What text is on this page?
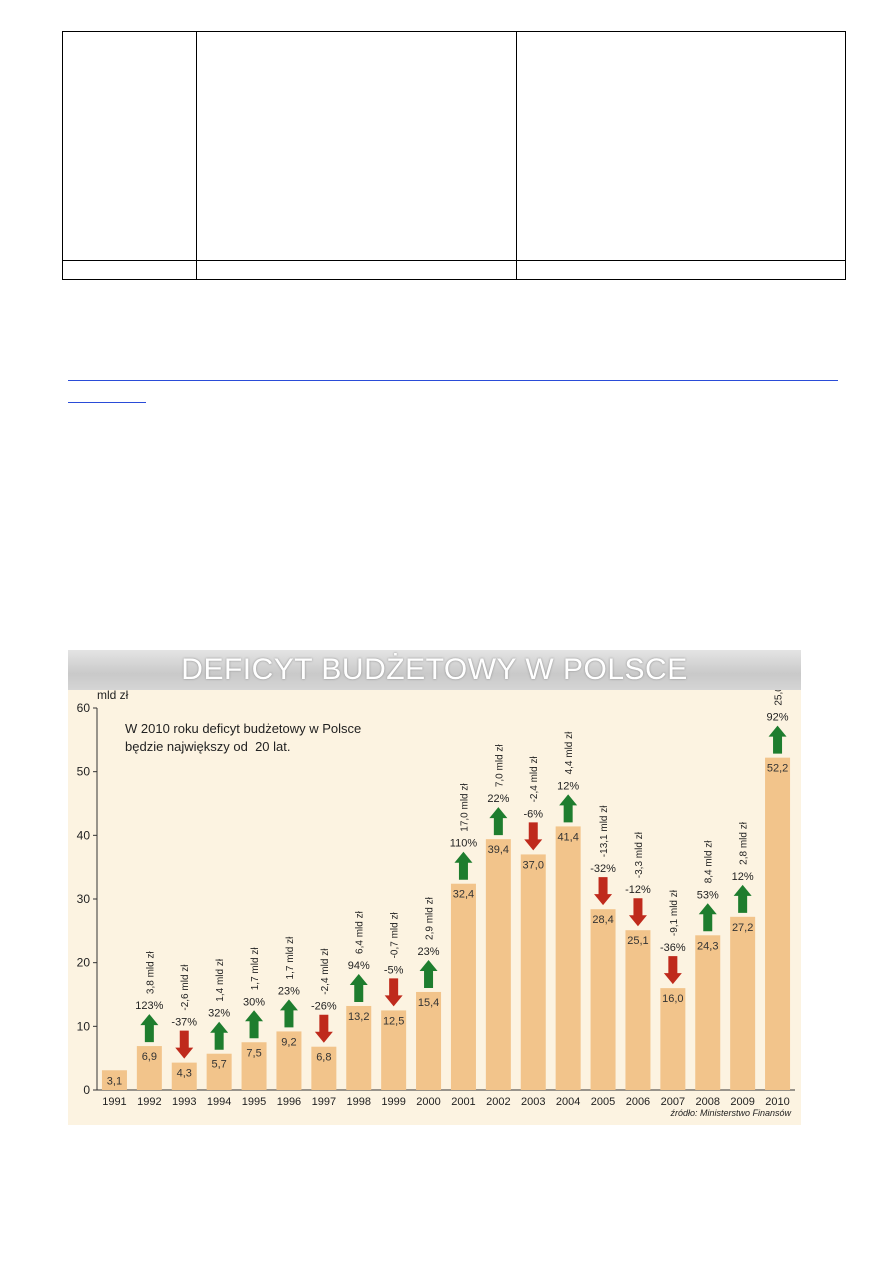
0
10
20
30
40
50
60
3,1
1991
6,9
1992
123%
3,8 mld zł
4,3
1993
-37%
-2,6 mld zł
5,7
1994
32%
1,4 mld zł
7,5
1995
30%
1,7 mld zł
9,2
1996
23%
1,7 mld zł
6,8
1997
-26%
-2,4 mld zł
13,2
1998
94%
6,4 mld zł
12,5
1999
-5%
-0,7 mld zł
15,4
2000
23%
2,9 mld zł
32,4
2001
110%
17,0 mld zł
39,4
2002
22%
7,0 mld zł
37,0
2003
-6%
-2,4 mld zł
41,4
2004
12%
4,4 mld zł
28,4
2005
-32%
-13,1 mld zł
25,1
2006
-12%
-3,3 mld zł
16,0
2007
-36%
-9,1 mld zł
24,3
2008
53%
8,4 mld zł
27,2
2009
12%
2,8 mld zł
52,2
2010
92%
DEFICYT BUDŻETOWY W POLSCE
mld zł
W 2010 roku deficyt budżetowy w Polsce
będzie największy od  20 lat.
źródło: Ministerstwo Finansów
